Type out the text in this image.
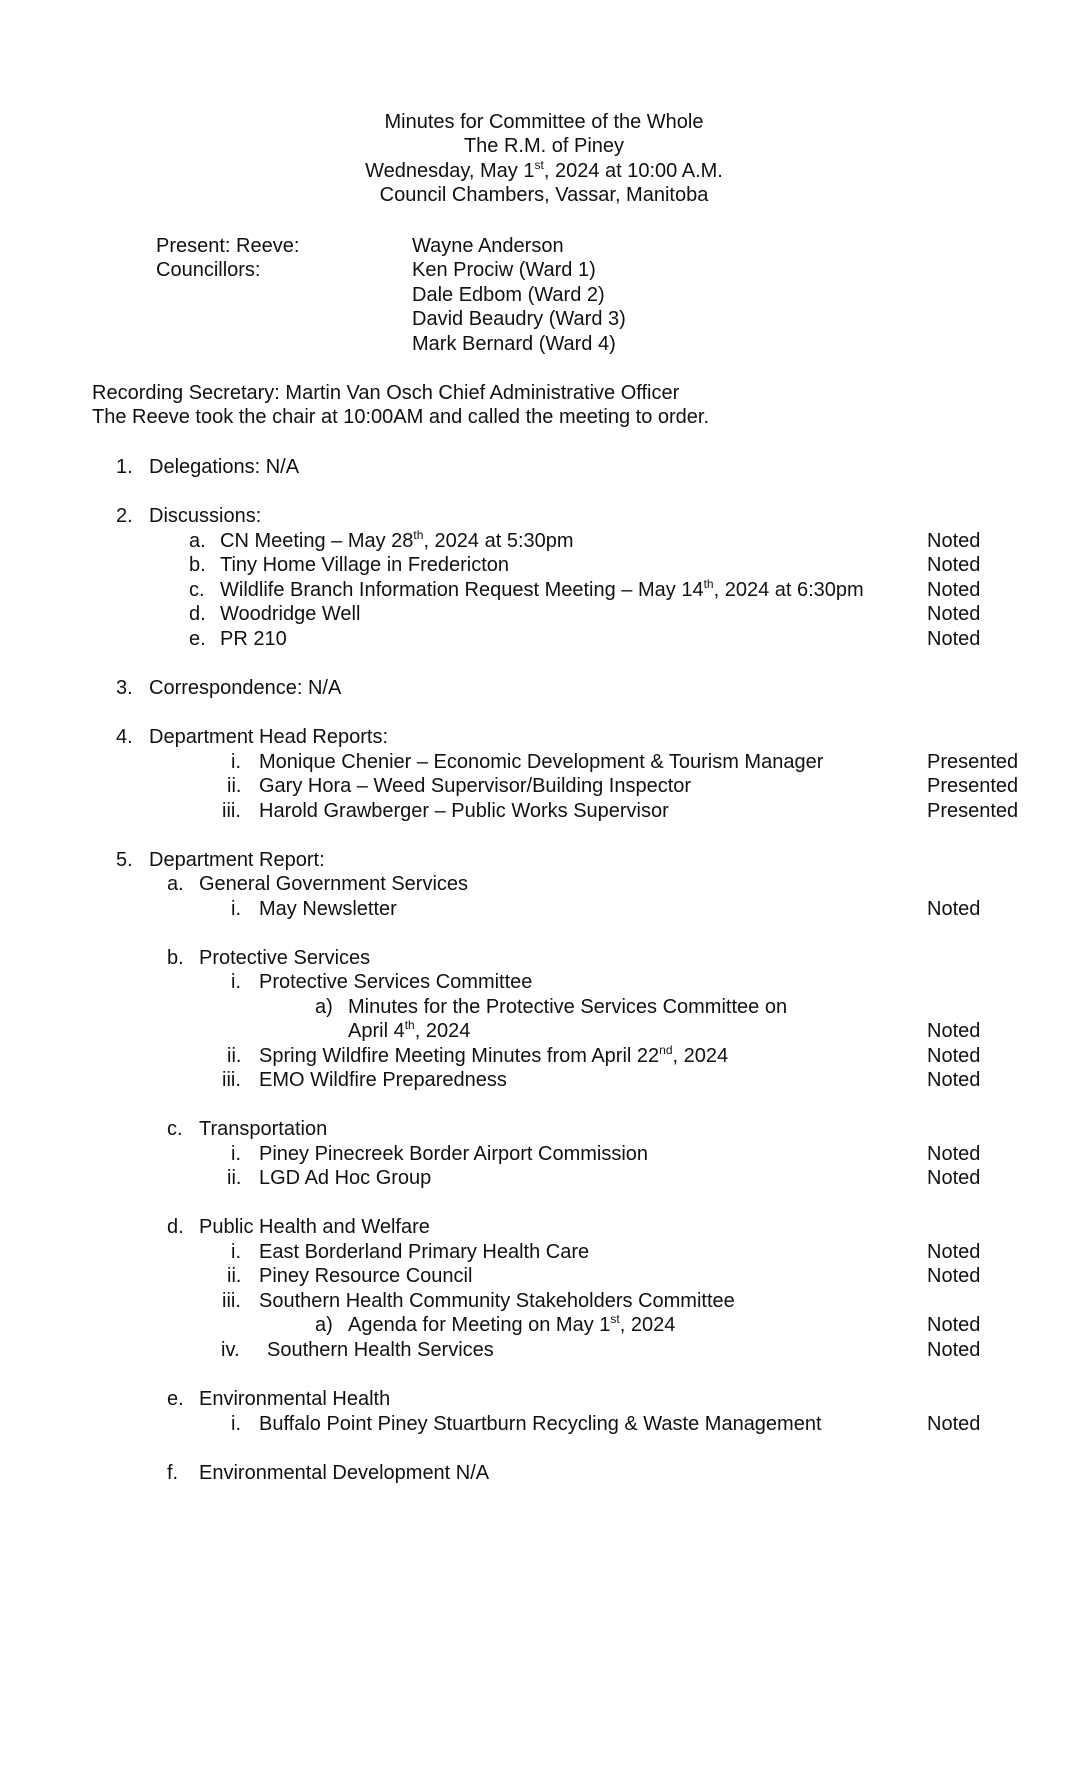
Minutes for Committee of the Whole
The R.M. of Piney
Wednesday, May 1st, 2024 at 10:00 A.M.
Council Chambers, Vassar, Manitoba
Present: Reeve:	Wayne Anderson
Councillors:	Ken Prociw (Ward 1)
Dale Edbom (Ward 2)
David Beaudry (Ward 3)
Mark Bernard (Ward 4)
Recording Secretary: Martin Van Osch Chief Administrative Officer
The Reeve took the chair at 10:00AM and called the meeting to order.
1. Delegations: N/A
2. Discussions:
a. CN Meeting – May 28th, 2024 at 5:30pm	Noted
b. Tiny Home Village in Fredericton	Noted
c. Wildlife Branch Information Request Meeting – May 14th, 2024 at 6:30pm	Noted
d. Woodridge Well	Noted
e. PR 210	Noted
3. Correspondence: N/A
4. Department Head Reports:
i. Monique Chenier – Economic Development & Tourism Manager	Presented
ii. Gary Hora – Weed Supervisor/Building Inspector	Presented
iii. Harold Grawberger – Public Works Supervisor	Presented
5. Department Report:
a. General Government Services
i. May Newsletter	Noted
b. Protective Services
i. Protective Services Committee
a) Minutes for the Protective Services Committee on
April 4th, 2024	Noted
ii. Spring Wildfire Meeting Minutes from April 22nd, 2024	Noted
iii. EMO Wildfire Preparedness	Noted
c. Transportation
i. Piney Pinecreek Border Airport Commission	Noted
ii. LGD Ad Hoc Group	Noted
d. Public Health and Welfare
i. East Borderland Primary Health Care	Noted
ii. Piney Resource Council	Noted
iii. Southern Health Community Stakeholders Committee
a) Agenda for Meeting on May 1st, 2024	Noted
iv. Southern Health Services	Noted
e. Environmental Health
i. Buffalo Point Piney Stuartburn Recycling & Waste Management	Noted
f. Environmental Development N/A
